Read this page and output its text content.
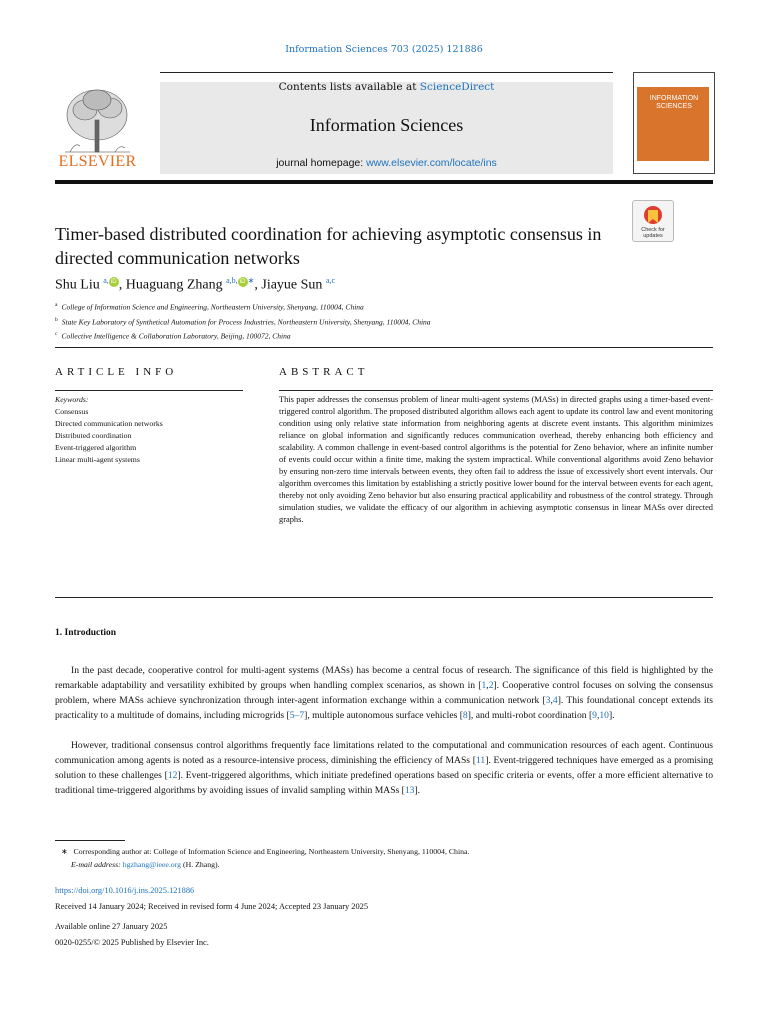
Information Sciences 703 (2025) 121886
ELSEVIER
Contents lists available at ScienceDirect
Information Sciences
journal homepage: www.elsevier.com/locate/ins
INFORMATION SCIENCES
Check for updates
Timer-based distributed coordination for achieving asymptotic consensus in directed communication networks
Shu Liu $^{a,}$ iD , Huaguang Zhang $^{a,b,}$ iD ∗, Jiayue Sun $^{a,c}$
$^a$ College of Information Science and Engineering, Northeastern University, Shenyang, 110004, China
$^b$ State Key Laboratory of Synthetical Automation for Process Industries, Northeastern University, Shenyang, 110004, China
$^c$ Collective Intelligence & Collaboration Laboratory, Beijing, 100072, China
ARTICLE INFO	ABSTRACT
Keywords:
Consensus
Directed communication networks
Distributed coordination
Event-triggered algorithm
Linear multi-agent systems
This paper addresses the consensus problem of linear multi-agent systems (MASs) in directed graphs using a timer-based event-triggered control algorithm. The proposed distributed algorithm allows each agent to update its control law and event monitoring condition using only relative state information from neighboring agents at discrete event instants. This algorithm minimizes reliance on global information and significantly reduces communication overhead, thereby enhancing both efficiency and scalability. A common challenge in event-based control algorithms is the potential for Zeno behavior, where an infinite number of events could occur within a finite time, making the system impractical. While conventional algorithms avoid Zeno behavior by ensuring non-zero time intervals between events, they often fail to address the issue of excessively short event intervals. Our algorithm overcomes this limitation by establishing a strictly positive lower bound for the interval between events for each agent, thereby not only avoiding Zeno behavior but also ensuring practical applicability and robustness of the control strategy. Through simulation studies, we validate the efficacy of our algorithm in achieving asymptotic consensus in linear MASs over directed graphs.
1. Introduction

In the past decade, cooperative control for multi-agent systems (MASs) has become a central focus of research. The significance of this field is highlighted by the remarkable adaptability and versatility exhibited by groups when handling complex scenarios, as shown in [1,2]. Cooperative control focuses on solving the consensus problem, where MASs achieve synchronization through inter-agent information exchange within a communication network [3,4]. This foundational concept extends its practicality to a multitude of domains, including microgrids [5–7], multiple autonomous surface vehicles [8], and multi-robot coordination [9,10].

However, traditional consensus control algorithms frequently face limitations related to the computational and communication resources of each agent. Continuous communication among agents is noted as a resource-intensive process, diminishing the efficiency of MASs [11]. Event-triggered techniques have emerged as a promising solution to these challenges [12]. Event-triggered algorithms, which initiate predefined operations based on specific criteria or events, offer a more efficient alternative to traditional time-triggered algorithms by avoiding issues of invalid sampling within MASs [13].

∗ Corresponding author at: College of Information Science and Engineering, Northeastern University, Shenyang, 110004, China.
E-mail address: hgzhang@ieee.org (H. Zhang).
https://doi.org/10.1016/j.ins.2025.121886
Received 14 January 2024; Received in revised form 4 June 2024; Accepted 23 January 2025
Available online 27 January 2025
0020-0255/© 2025 Published by Elsevier Inc.
